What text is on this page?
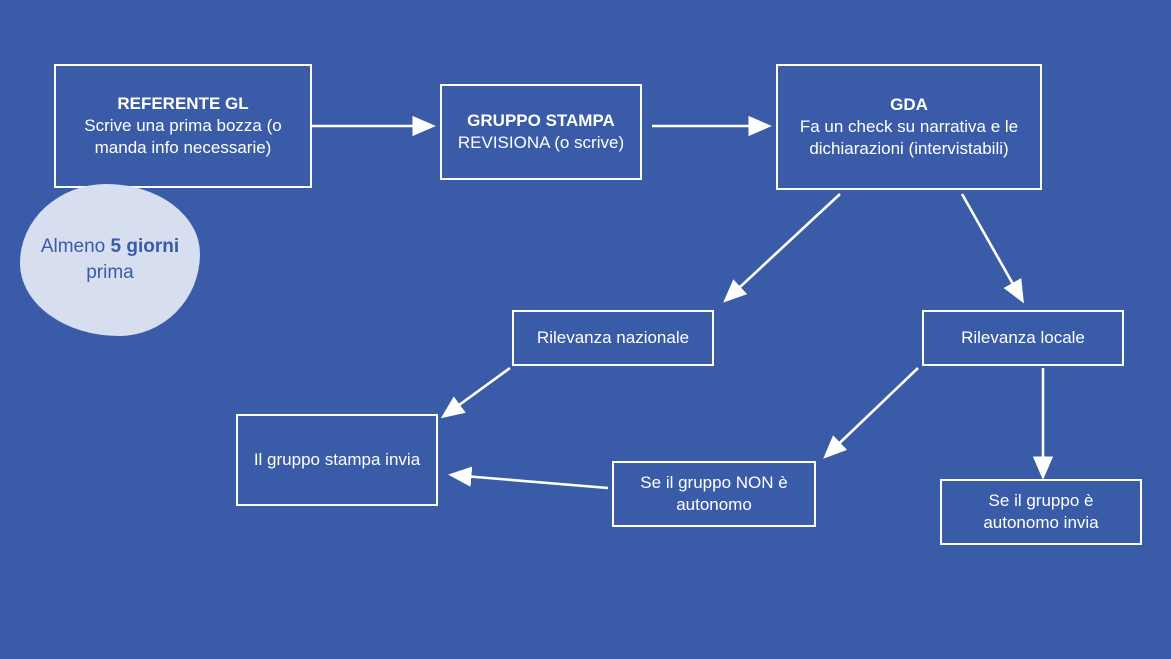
REFERENTE GL
Scrive una prima bozza (o manda info necessarie)
GRUPPO STAMPA
REVISIONA (o scrive)
GDA
Fa un check su narrativa e le dichiarazioni (intervistabili)
Rilevanza nazionale	Rilevanza locale
Il gruppo stampa invia
Se il gruppo NON è autonomo	Se il gruppo è autonomo invia
Almeno 5 giorni prima
